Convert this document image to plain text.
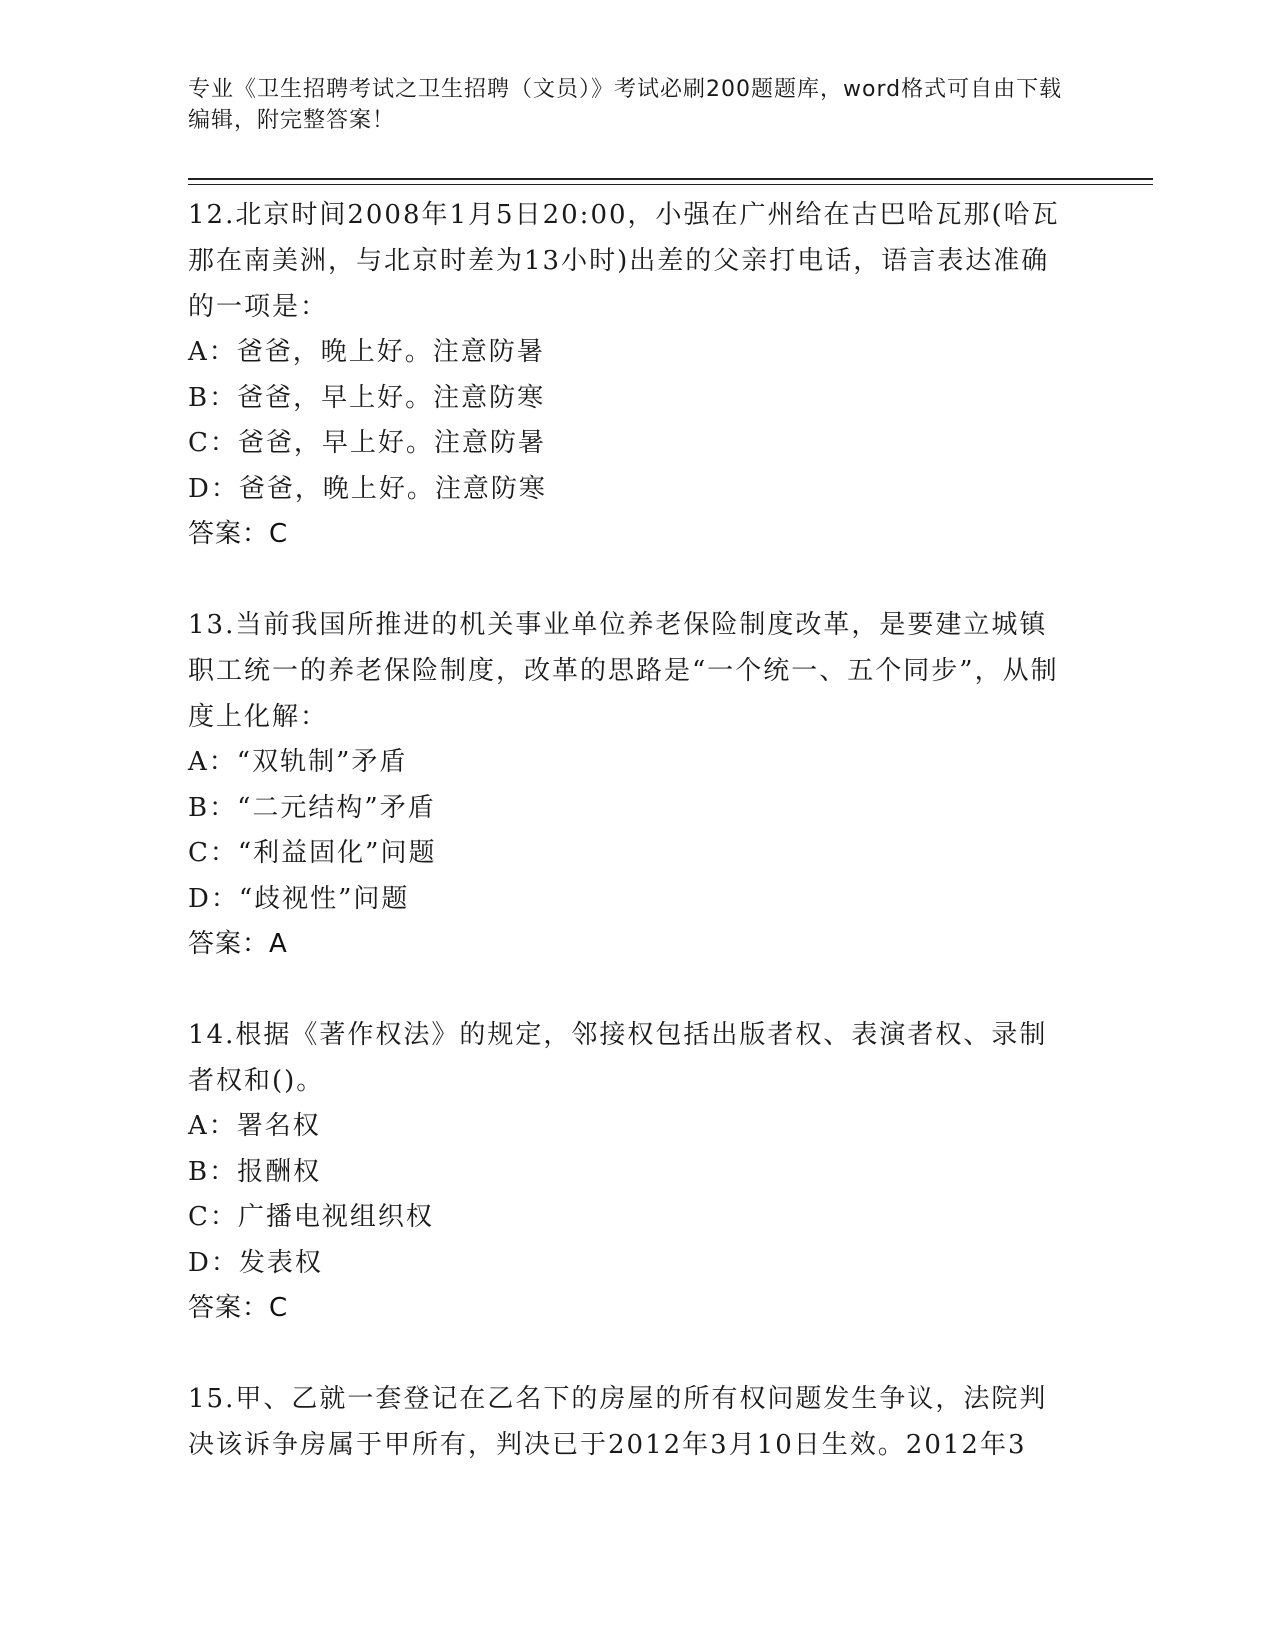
专业《卫生招聘考试之卫生招聘（文员）》考试必刷200题题库，word格式可自由下载编辑，附完整答案！

12.北京时间2008年1月5日20:00，小强在广州给在古巴哈瓦那(哈瓦那在南美洲，与北京时差为13小时)出差的父亲打电话，语言表达准确的一项是：

A：爸爸，晚上好。注意防暑

B：爸爸，早上好。注意防寒

C：爸爸，早上好。注意防暑

D：爸爸，晚上好。注意防寒

答案：C

13.当前我国所推进的机关事业单位养老保险制度改革，是要建立城镇职工统一的养老保险制度，改革的思路是“一个统一、五个同步”，从制度上化解：

A：“双轨制”矛盾

B：“二元结构”矛盾

C：“利益固化”问题

D：“歧视性”问题

答案：A

14.根据《著作权法》的规定，邻接权包括出版者权、表演者权、录制者权和()。

A：署名权

B：报酬权

C：广播电视组织权

D：发表权

答案：C

15.甲、乙就一套登记在乙名下的房屋的所有权问题发生争议，法院判决该诉争房属于甲所有，判决已于2012年3月10日生效。2012年3
